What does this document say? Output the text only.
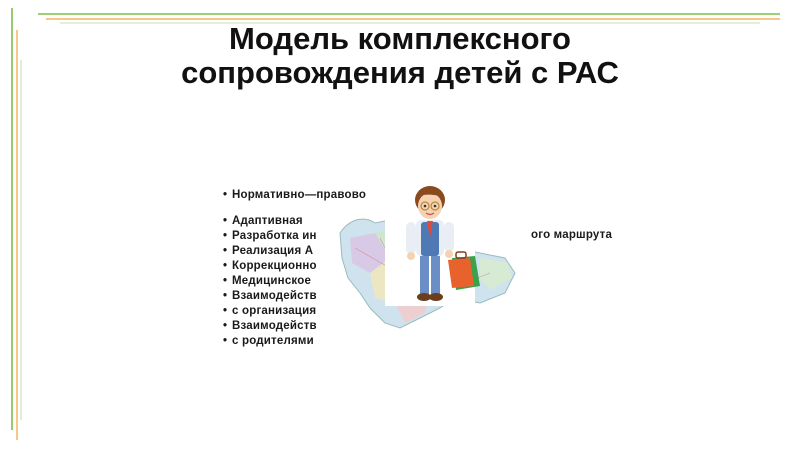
Модель комплексного
сопровождения детей с РАС
• Нормативно—правово
• Адаптивная
• Разработка ин
• Реализация А
• Коррекционно
• Медицинское
• Взаимодейств
• с организация
• Взаимодейств
• с родителями
ого маршрута
